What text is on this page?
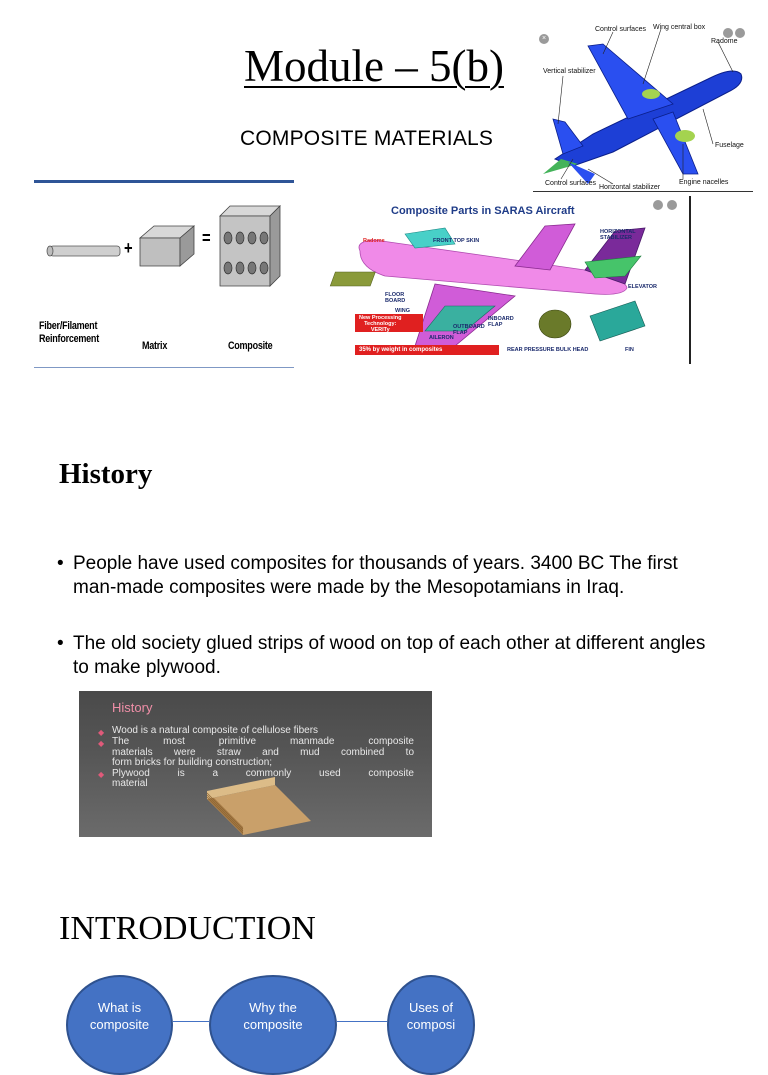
Module – 5(b)
COMPOSITE MATERIALS
Control surfaces Wing central box
Radome
Vertical stabilizer
Fuselage
Control surfaces
Horizontal stabilizer
Engine nacelles
×
+	=
Fiber/Filament
Reinforcement
Matrix	Composite
Composite Parts in SARAS Aircraft
Radome	FRONT TOP SKIN
HORIZONTAL
STABILIZER
ELEVATOR
FLOOR
BOARD
WING
New Processing
Technology:
VERITy
INBOARD
FLAP
OUTBOARD
FLAP
AILERON
35% by weight in composites	REAR PRESSURE BULK HEAD	FIN
History
• People have used composites for thousands of years. 3400 BC The first man-made composites were made by the Mesopotamians in Iraq.
• The old society glued strips of wood on top of each other at different angles to make plywood.
History
◆ Wood is a natural composite of cellulose fibers
◆ The most primitive manmade composite
materials were straw and mud combined to
form bricks for building construction;
◆ Plywood is a commonly used composite
material
INTRODUCTION
What is
composite
Why the
composite
Uses of
composi
